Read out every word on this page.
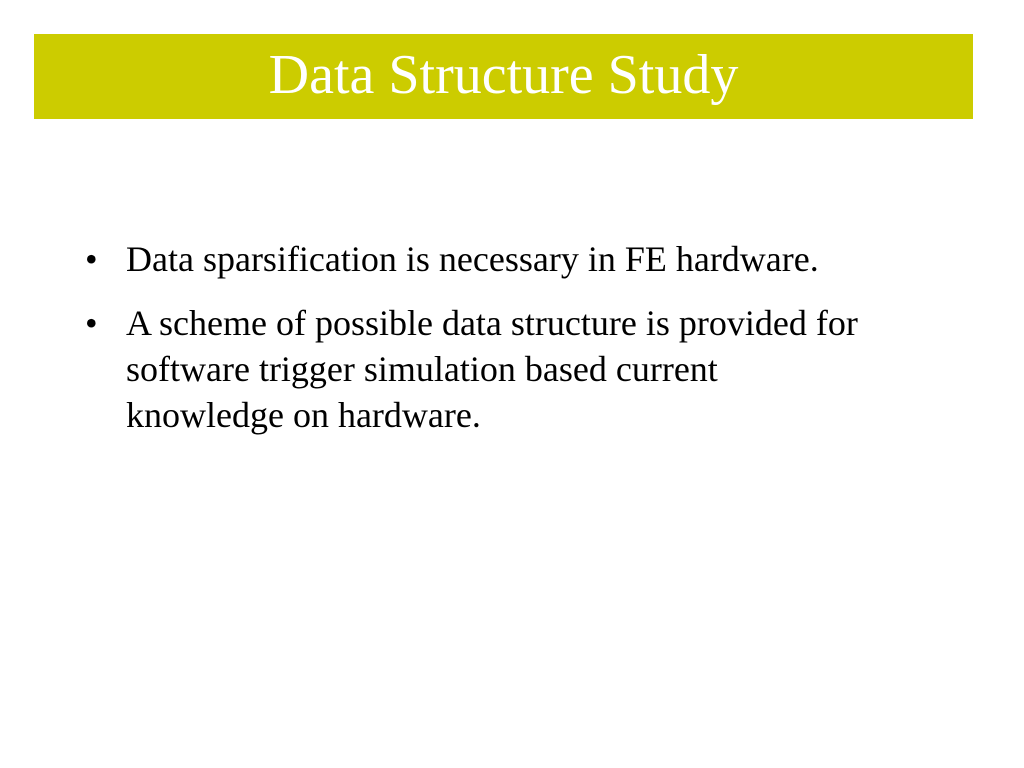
Data Structure Study
• Data sparsification is necessary in FE hardware.
• A scheme of possible data structure is provided for software trigger simulation based current knowledge on hardware.
